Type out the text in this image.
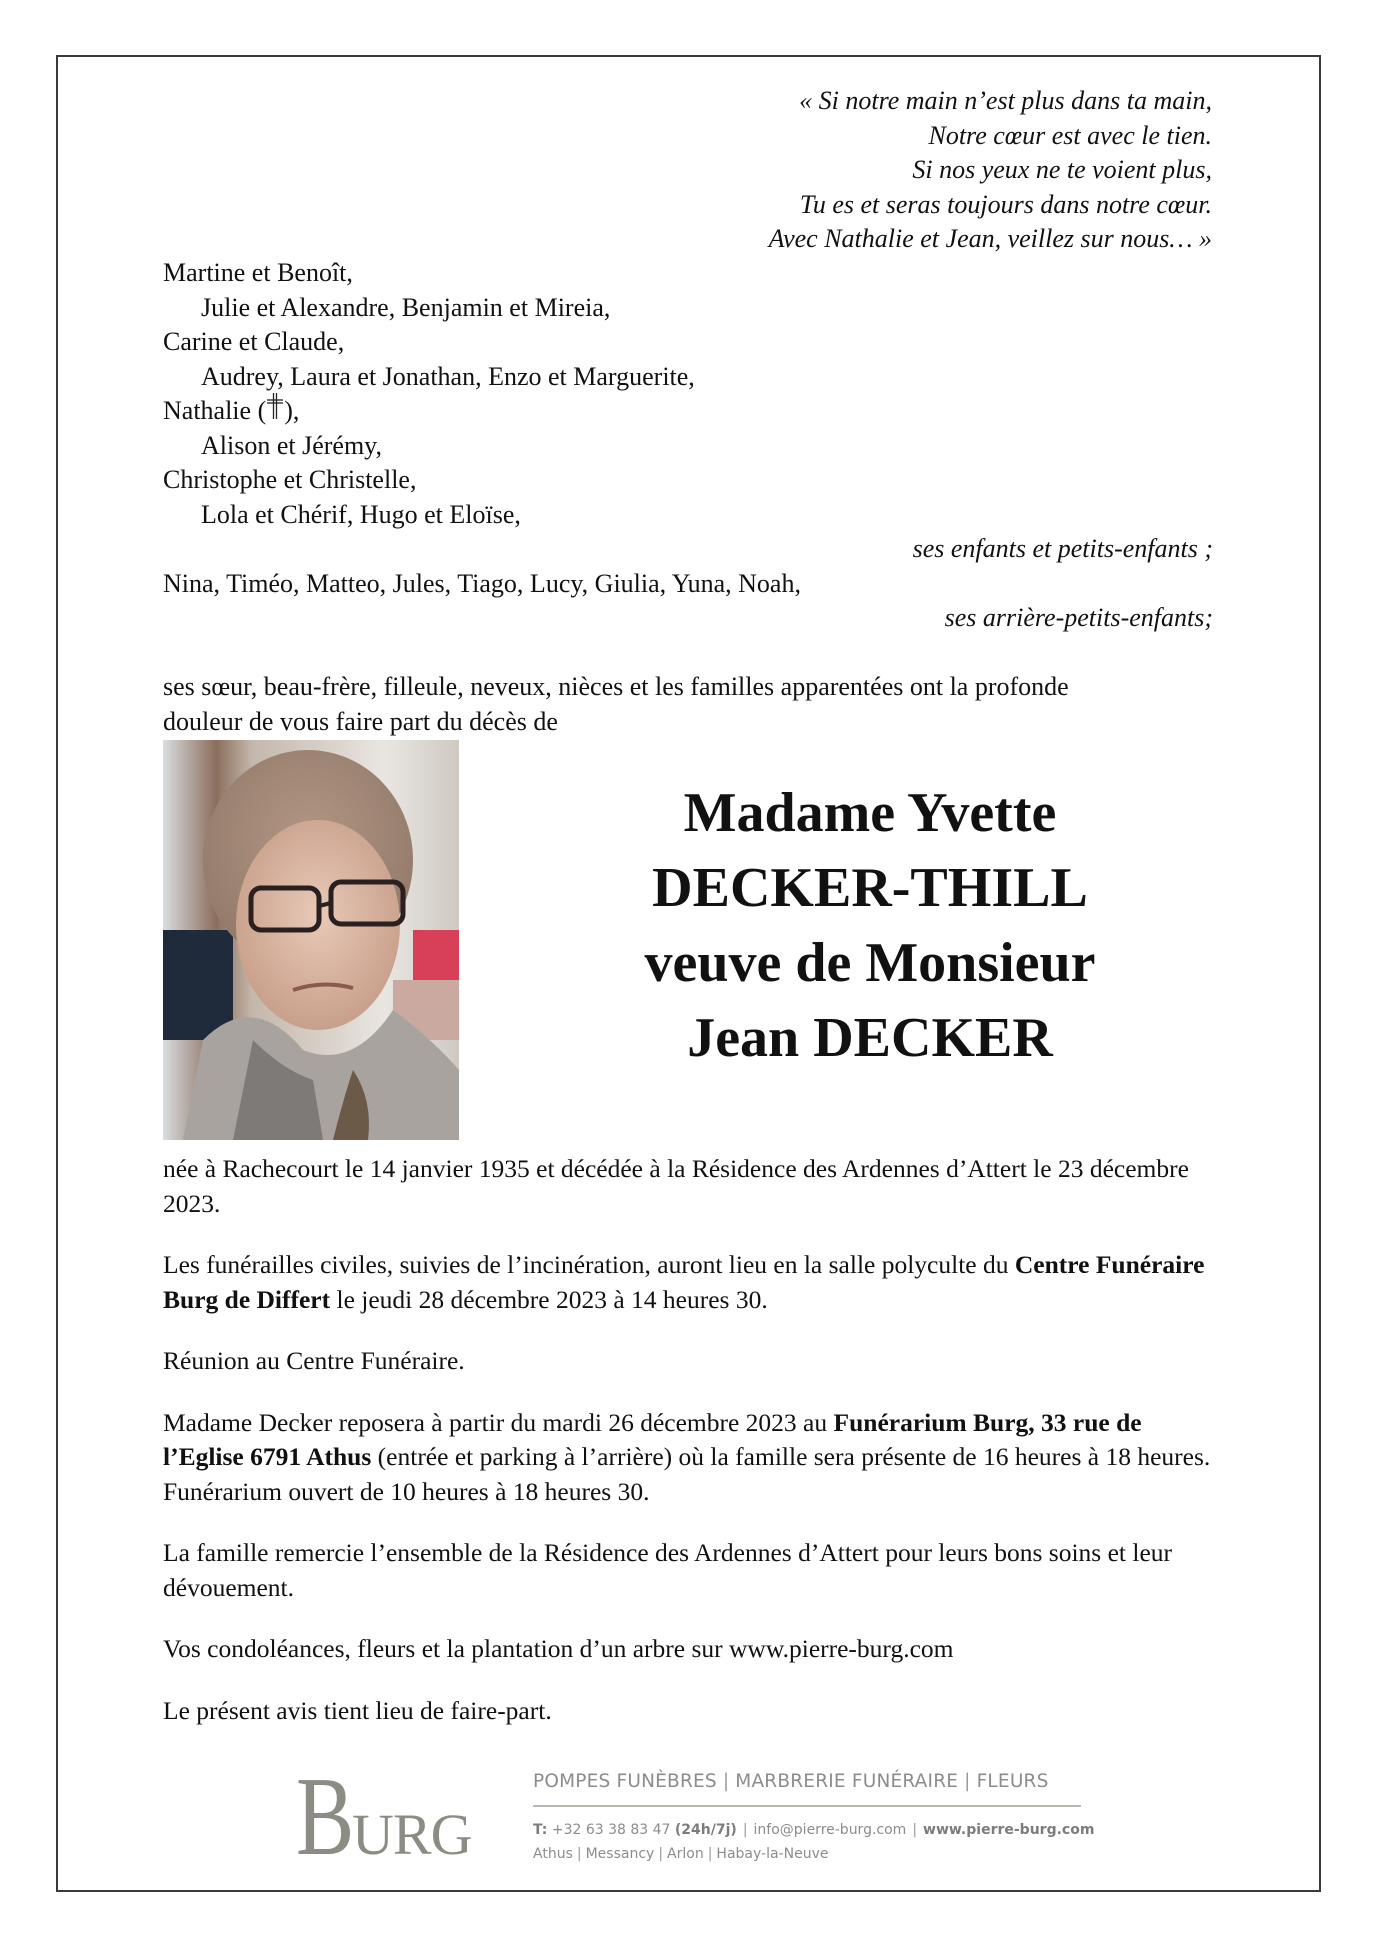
« Si notre main n’est plus dans ta main,
Notre cœur est avec le tien.
Si nos yeux ne te voient plus,
Tu es et seras toujours dans notre cœur.
Avec Nathalie et Jean, veillez sur nous… »
Martine et Benoît,
Julie et Alexandre, Benjamin et Mireia,
Carine et Claude,
Audrey, Laura et Jonathan, Enzo et Marguerite,
Nathalie ( ),
Alison et Jérémy,
Christophe et Christelle,
Lola et Chérif, Hugo et Eloïse,
ses enfants et petits-enfants ;
Nina, Timéo, Matteo, Jules, Tiago, Lucy, Giulia, Yuna, Noah,
ses arrière-petits-enfants;
ses sœur, beau-frère, filleule, neveux, nièces et les familles apparentées ont la profonde
douleur de vous faire part du décès de
Madame Yvette
DECKER-THILL
veuve de Monsieur
Jean DECKER

née à Rachecourt le 14 janvier 1935 et décédée à la Résidence des Ardennes d’Attert le 23 décembre 2023.

Les funérailles civiles, suivies de l’incinération, auront lieu en la salle polyculte du Centre Funéraire Burg de Differt le jeudi 28 décembre 2023 à 14 heures 30.

Réunion au Centre Funéraire.

Madame Decker reposera à partir du mardi 26 décembre 2023 au Funérarium Burg, 33 rue de l’Eglise 6791 Athus (entrée et parking à l’arrière) où la famille sera présente de 16 heures à 18 heures. Funérarium ouvert de 10 heures à 18 heures 30.

La famille remercie l’ensemble de la Résidence des Ardennes d’Attert pour leurs bons soins et leur dévouement.

Vos condoléances, fleurs et la plantation d’un arbre sur www.pierre-burg.com

Le présent avis tient lieu de faire-part.

B
URG
POMPES FUNÈBRES | MARBRERIE FUNÉRAIRE | FLEURS
T: +32 63 38 83 47 (24h/7j) | info@pierre-burg.com | www.pierre-burg.com
Athus | Messancy | Arlon | Habay-la-Neuve
